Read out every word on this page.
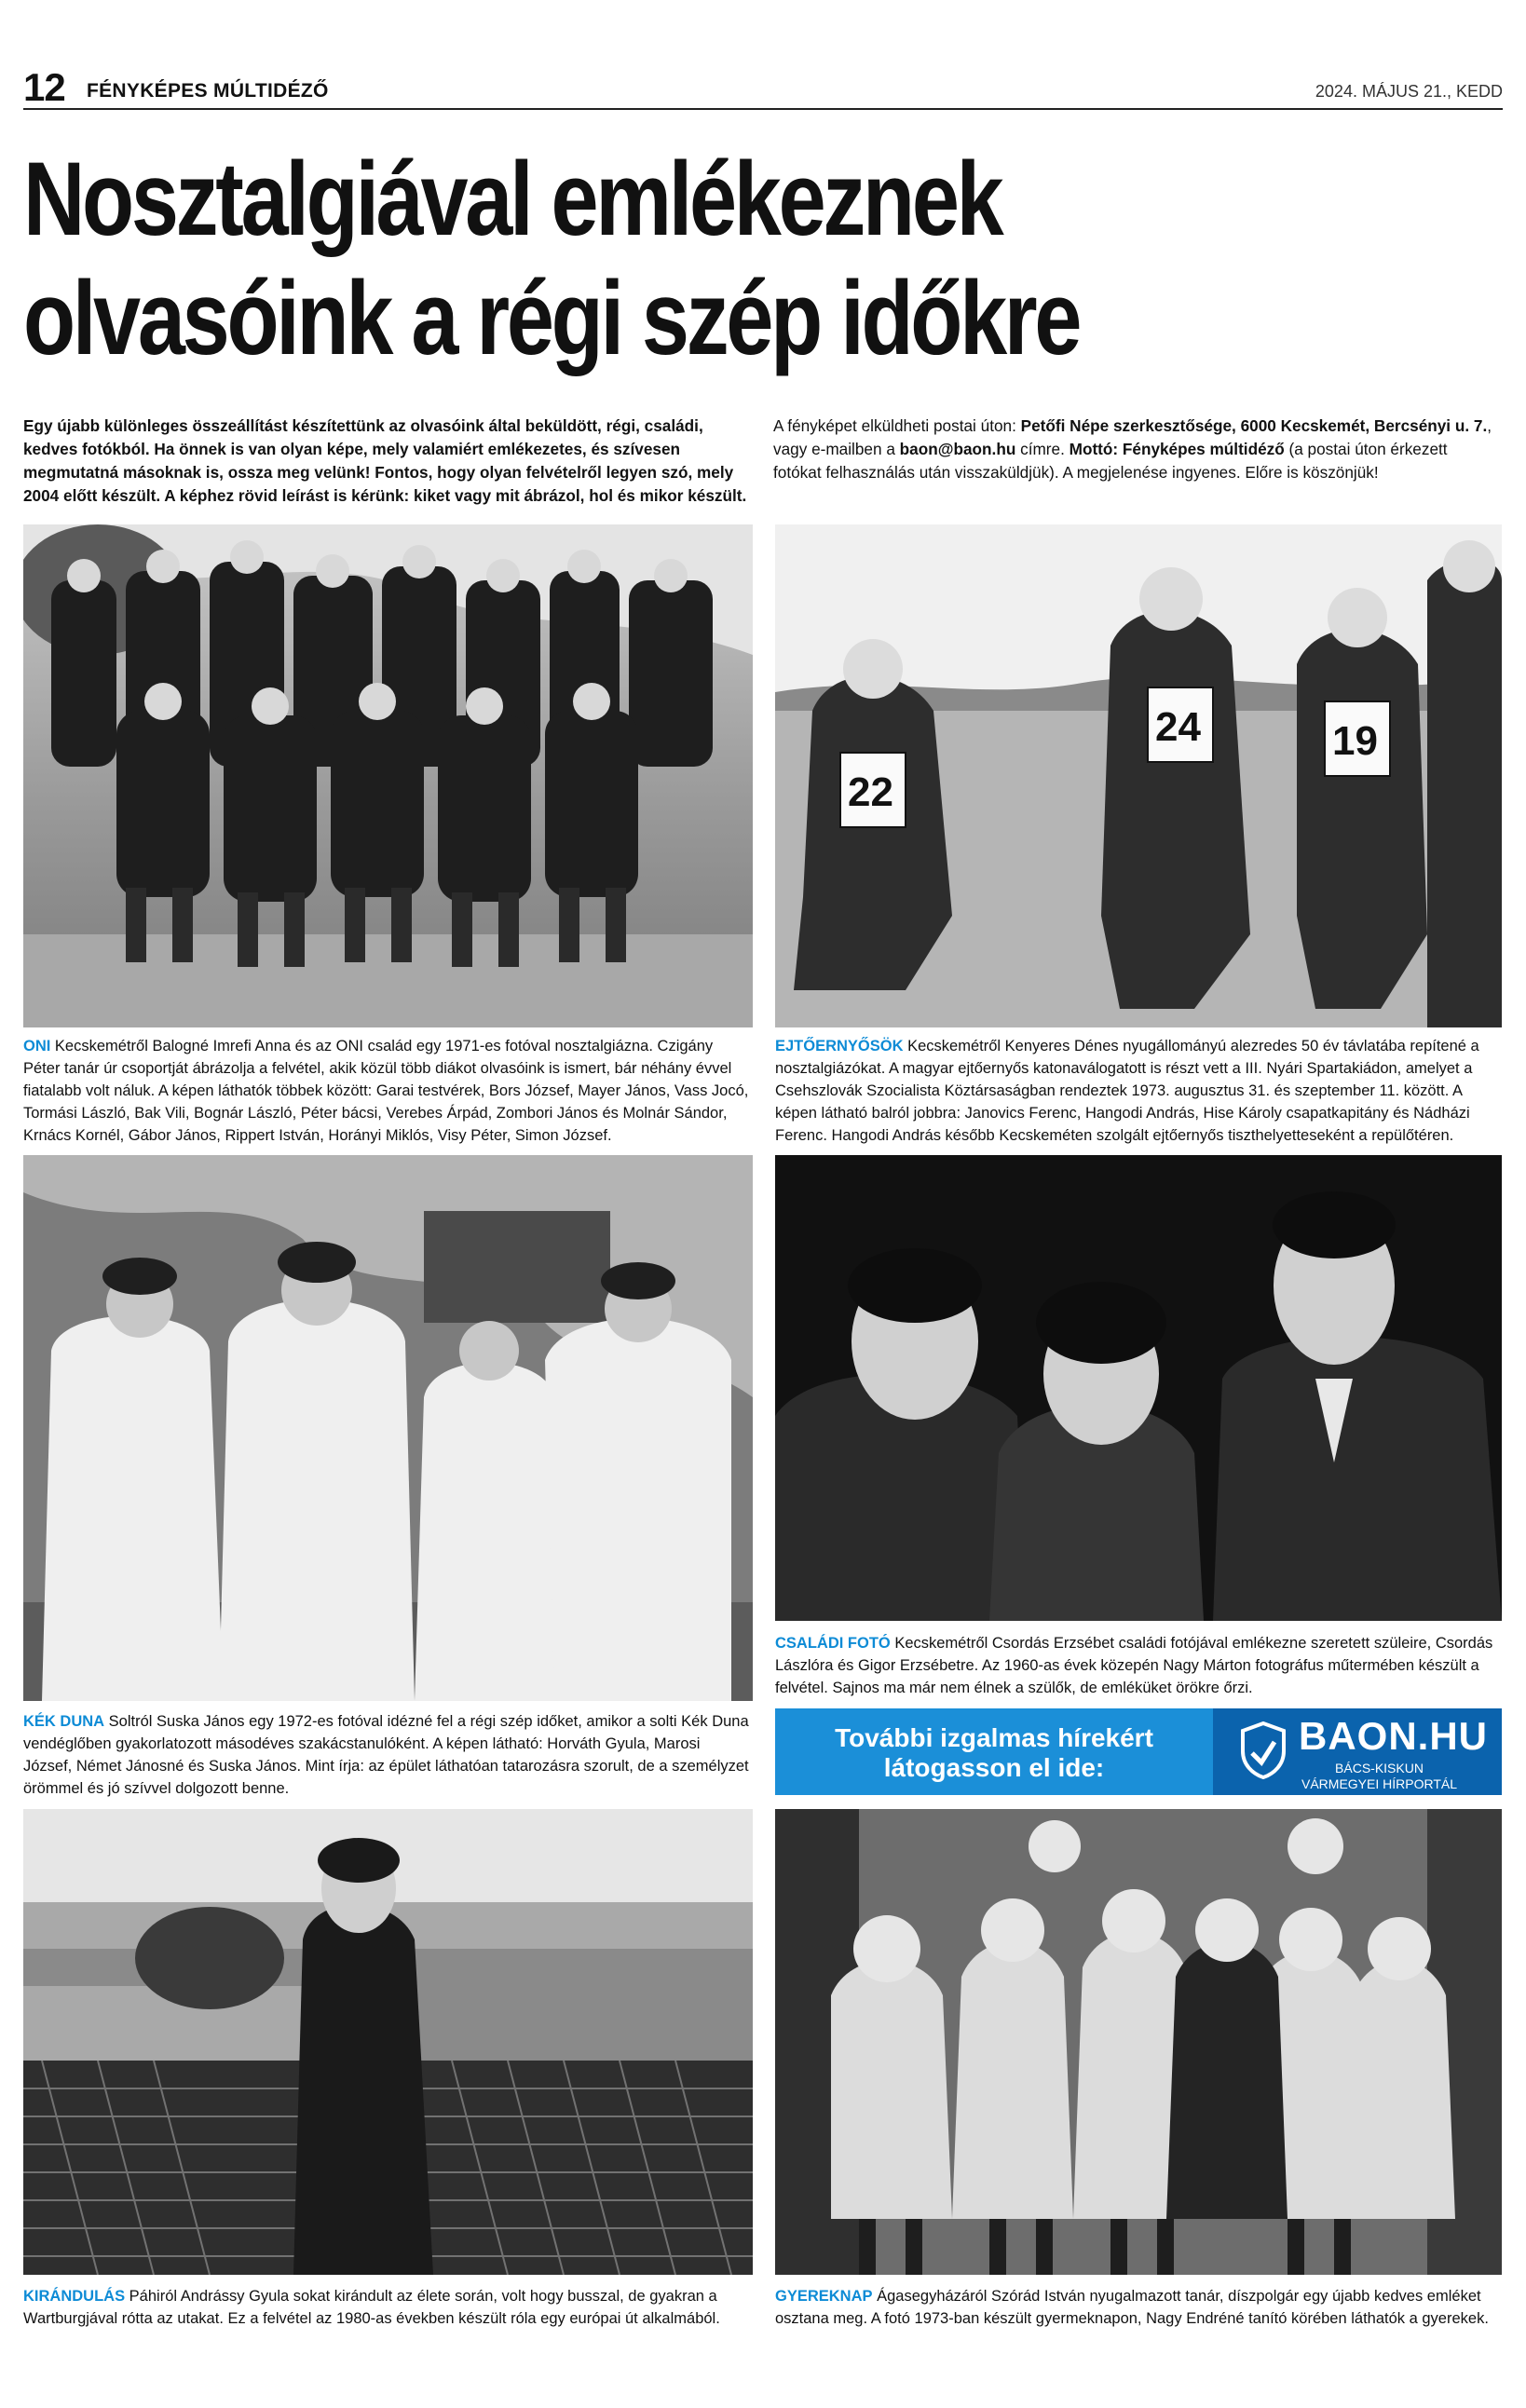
12 FÉNYKÉPES MÚLTIDÉZŐ	2024. MÁJUS 21., KEDD
Nosztalgiával emlékeznek
olvasóink a régi szép időkre

Egy újabb különleges összeállítást készítettünk az olvasóink által beküldött, régi, családi, kedves fotókból. Ha önnek is van olyan képe, mely valamiért emlékezetes, és szívesen megmutatná másoknak is, ossza meg velünk! Fontos, hogy olyan felvételről legyen szó, mely 2004 előtt készült. A képhez rövid leírást is kérünk: kiket vagy mit ábrázol, hol és mikor készült.

A fényképet elküldheti postai úton: Petőfi Népe szerkesztősége, 6000 Kecskemét, Bercsényi u. 7., vagy e-mailben a baon@baon.hu címre. Mottó: Fényképes múltidéző (a postai úton érkezett fotókat felhasználás után visszaküldjük). A megjelenése ingyenes. Előre is köszönjük!

ONI Kecskemétről Balogné Imrefi Anna és az ONI család egy 1971-es fotóval nosztalgiázna. Czigány Péter tanár úr csoportját ábrázolja a felvétel, akik közül több diákot olvasóink is ismert, bár néhány évvel fiatalabb volt náluk. A képen láthatók többek között: Garai testvérek, Bors József, Mayer János, Vass Jocó, Tormási László, Bak Vili, Bognár László, Péter bácsi, Verebes Árpád, Zombori János és Molnár Sándor, Krnács Kornél, Gábor János, Rippert István, Horányi Miklós, Visy Péter, Simon József.

22
24	19

EJTŐERNYŐSÖK Kecskemétről Kenyeres Dénes nyugállományú alezredes 50 év távlatába repítené a nosztalgiázókat. A magyar ejtőernyős katonaválogatott is részt vett a III. Nyári Spartakiádon, amelyet a Csehszlovák Szocialista Köztársaságban rendeztek 1973. augusztus 31. és szeptember 11. között. A képen látható balról jobbra: Janovics Ferenc, Hangodi András, Hise Károly csapatkapitány és Nádházi Ferenc. Hangodi András később Kecskeméten szolgált ejtőernyős tiszthelyetteseként a repülőtéren.

KÉK DUNA Soltról Suska János egy 1972-es fotóval idézné fel a régi szép időket, amikor a solti Kék Duna vendéglőben gyakorlatozott másodéves szakácstanulóként. A képen látható: Horváth Gyula, Marosi József, Német Jánosné és Suska János. Mint írja: az épület láthatóan tatarozásra szorult, de a személyzet örömmel és jó szívvel dolgozott benne.

CSALÁDI FOTÓ Kecskemétről Csordás Erzsébet családi fotójával emlékezne szeretett szüleire, Csordás Lászlóra és Gigor Erzsébetre. Az 1960-as évek közepén Nagy Márton fotográfus műtermében készült a felvétel. Sajnos ma már nem élnek a szülők, de emléküket örökre őrzi.

További izgalmas hírekért
látogasson el ide:
BAON.HU
BÁCS-KISKUN
VÁRMEGYEI HÍRPORTÁL

KIRÁNDULÁS Páhiról Andrássy Gyula sokat kirándult az élete során, volt hogy busszal, de gyakran a Wartburgjával rótta az utakat. Ez a felvétel az 1980-as években készült róla egy európai út alkalmából.

GYEREKNAP Ágasegyházáról Szórád István nyugalmazott tanár, díszpolgár egy újabb kedves emléket osztana meg. A fotó 1973-ban készült gyermeknapon, Nagy Endréné tanító körében láthatók a gyerekek.
